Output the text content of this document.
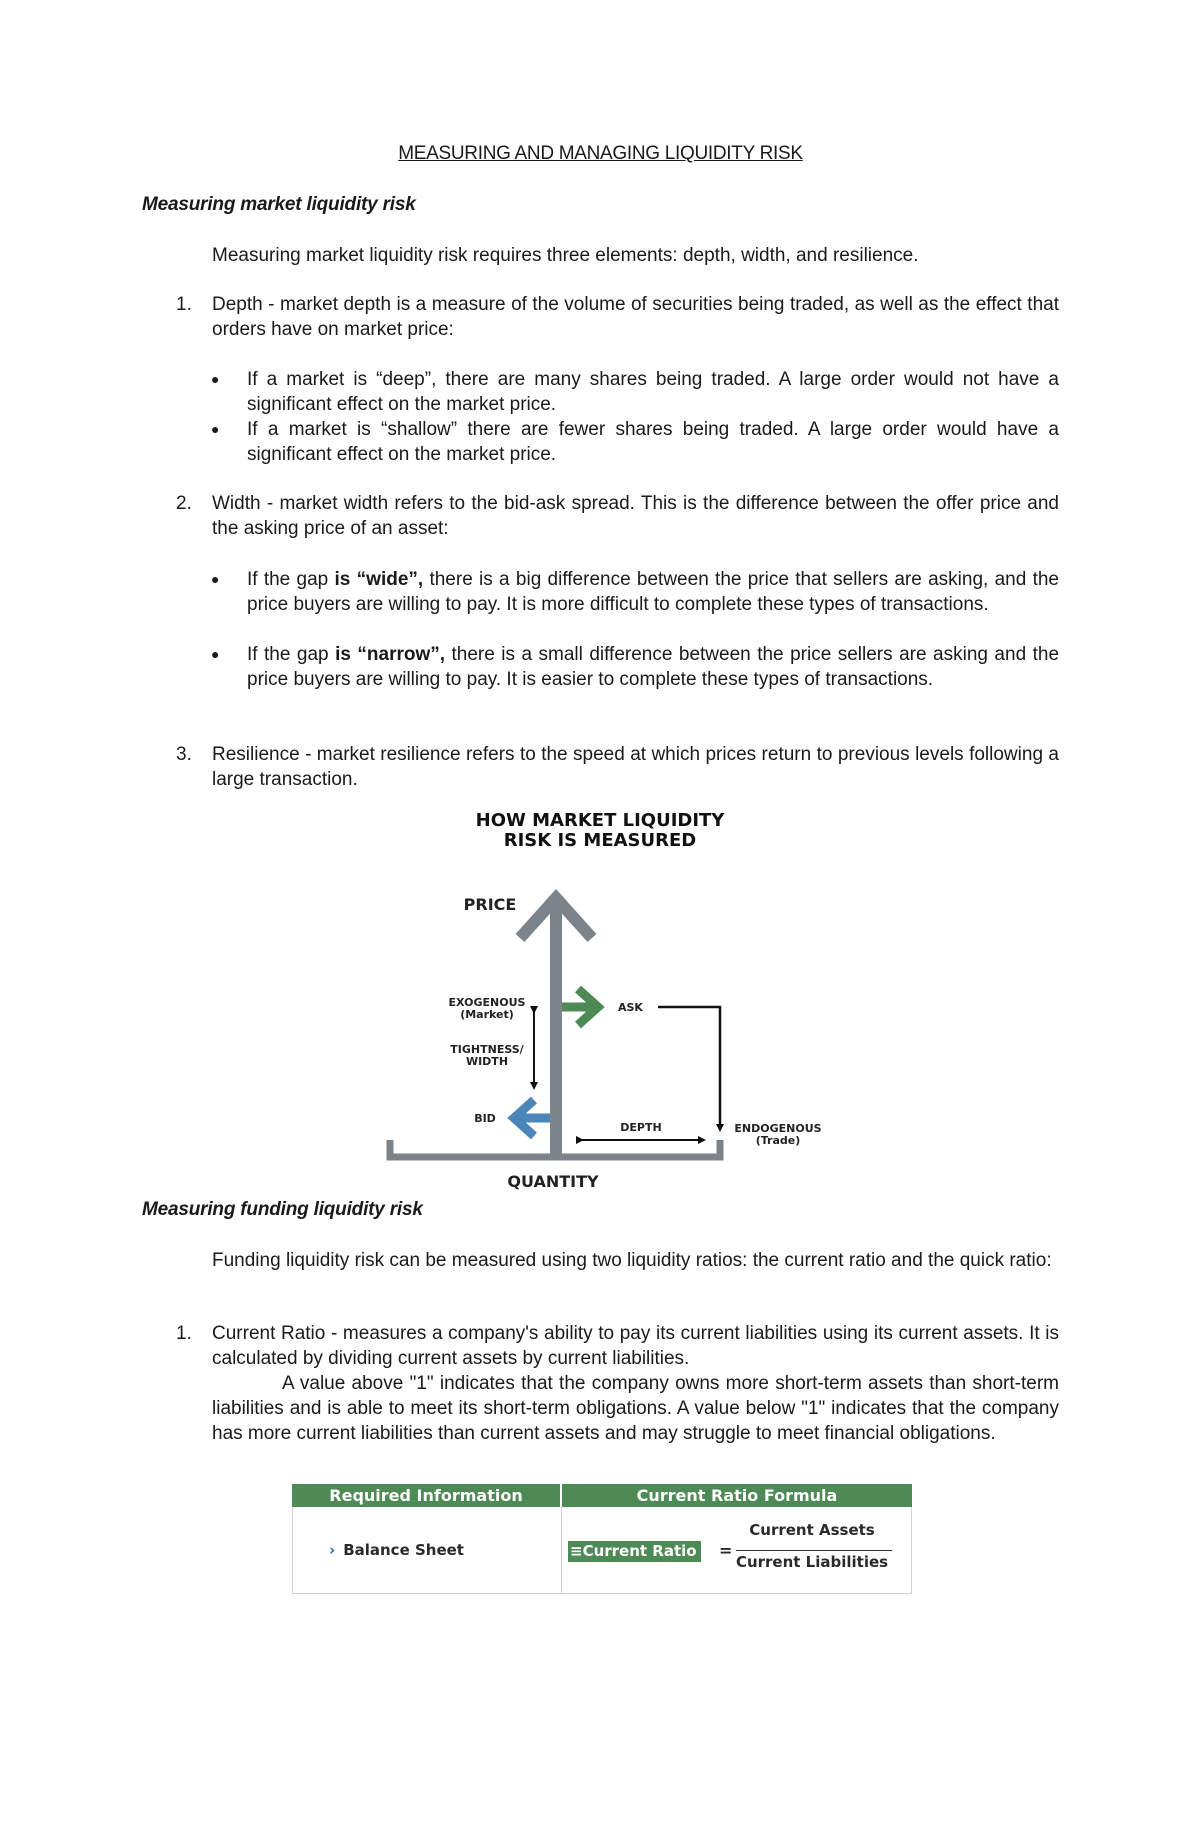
MEASURING AND MANAGING LIQUIDITY RISK
Measuring market liquidity risk
Measuring market liquidity risk requires three elements: depth, width, and resilience.
1. Depth - market depth is a measure of the volume of securities being traded, as well as the effect that orders have on market price:
● If a market is “deep”, there are many shares being traded. A large order would not have a significant effect on the market price.
● If a market is “shallow” there are fewer shares being traded. A large order would have a significant effect on the market price.
2. Width - market width refers to the bid-ask spread. This is the difference between the offer price and the asking price of an asset:
● If the gap is “wide”, there is a big difference between the price that sellers are asking, and the price buyers are willing to pay. It is more difficult to complete these types of transactions.
● If the gap is “narrow”, there is a small difference between the price sellers are asking and the price buyers are willing to pay. It is easier to complete these types of transactions.
3. Resilience - market resilience refers to the speed at which prices return to previous levels following a large transaction.
HOW MARKET LIQUIDITY
RISK IS MEASURED
PRICE
QUANTITY
ASK
BID
EXOGENOUS
(Market)
TIGHTNESS/
WIDTH
ENDOGENOUS
(Trade)
DEPTH
Measuring funding liquidity risk
Funding liquidity risk can be measured using two liquidity ratios: the current ratio and the quick ratio:
1. Current Ratio - measures a company's ability to pay its current liabilities using its current assets. It is calculated by dividing current assets by current liabilities.
A value above "1" indicates that the company owns more short-term assets than short-term liabilities and is able to meet its short-term obligations. A value below "1" indicates that the company has more current liabilities than current assets and may struggle to meet financial obligations.
Required Information	Current Ratio Formula
› Balance Sheet	≡Current Ratio =
Current Assets
Current Liabilities
